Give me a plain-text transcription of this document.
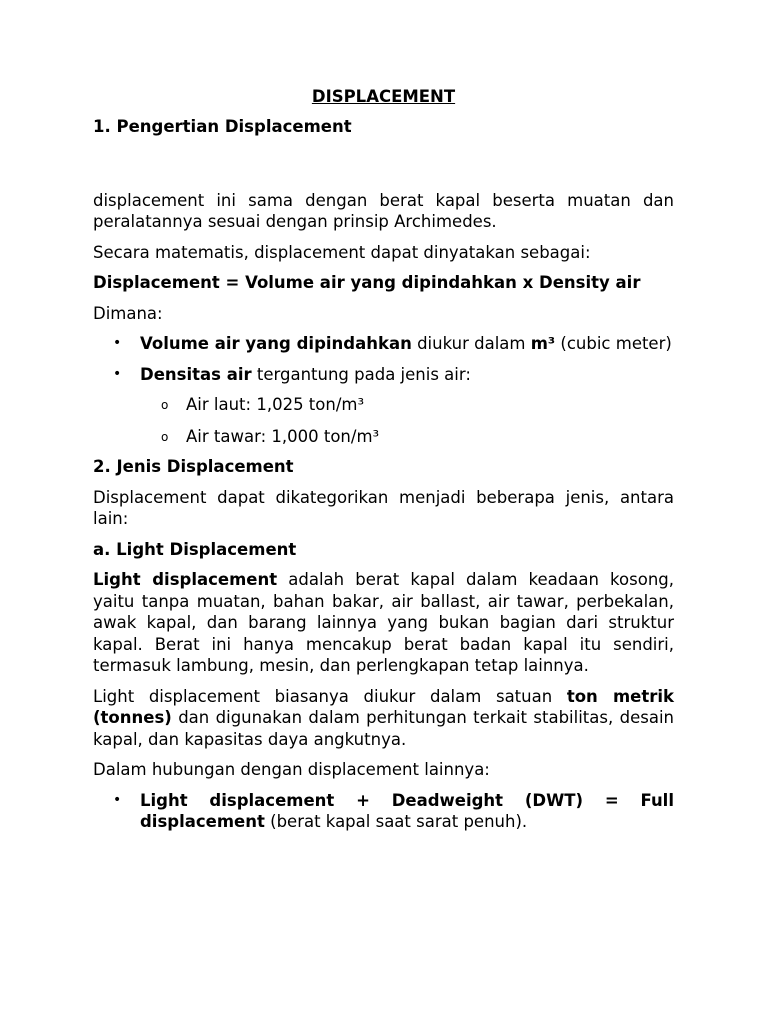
DISPLACEMENT
1. Pengertian Displacement

displacement ini sama dengan berat kapal beserta muatan dan peralatannya sesuai dengan prinsip Archimedes.

Secara matematis, displacement dapat dinyatakan sebagai:

Displacement = Volume air yang dipindahkan x Density air

Dimana:

• Volume air yang dipindahkan diukur dalam m³ (cubic meter)
• Densitas air tergantung pada jenis air:
o Air laut: 1,025 ton/m³
o Air tawar: 1,000 ton/m³
2. Jenis Displacement

Displacement dapat dikategorikan menjadi beberapa jenis, antara lain:

a. Light Displacement

Light displacement adalah berat kapal dalam keadaan kosong, yaitu tanpa muatan, bahan bakar, air ballast, air tawar, perbekalan, awak kapal, dan barang lainnya yang bukan bagian dari struktur kapal. Berat ini hanya mencakup berat badan kapal itu sendiri, termasuk lambung, mesin, dan perlengkapan tetap lainnya.

Light displacement biasanya diukur dalam satuan ton metrik (tonnes) dan digunakan dalam perhitungan terkait stabilitas, desain kapal, dan kapasitas daya angkutnya.

Dalam hubungan dengan displacement lainnya:

• Light displacement + Deadweight (DWT) = Full displacement (berat kapal saat sarat penuh).
